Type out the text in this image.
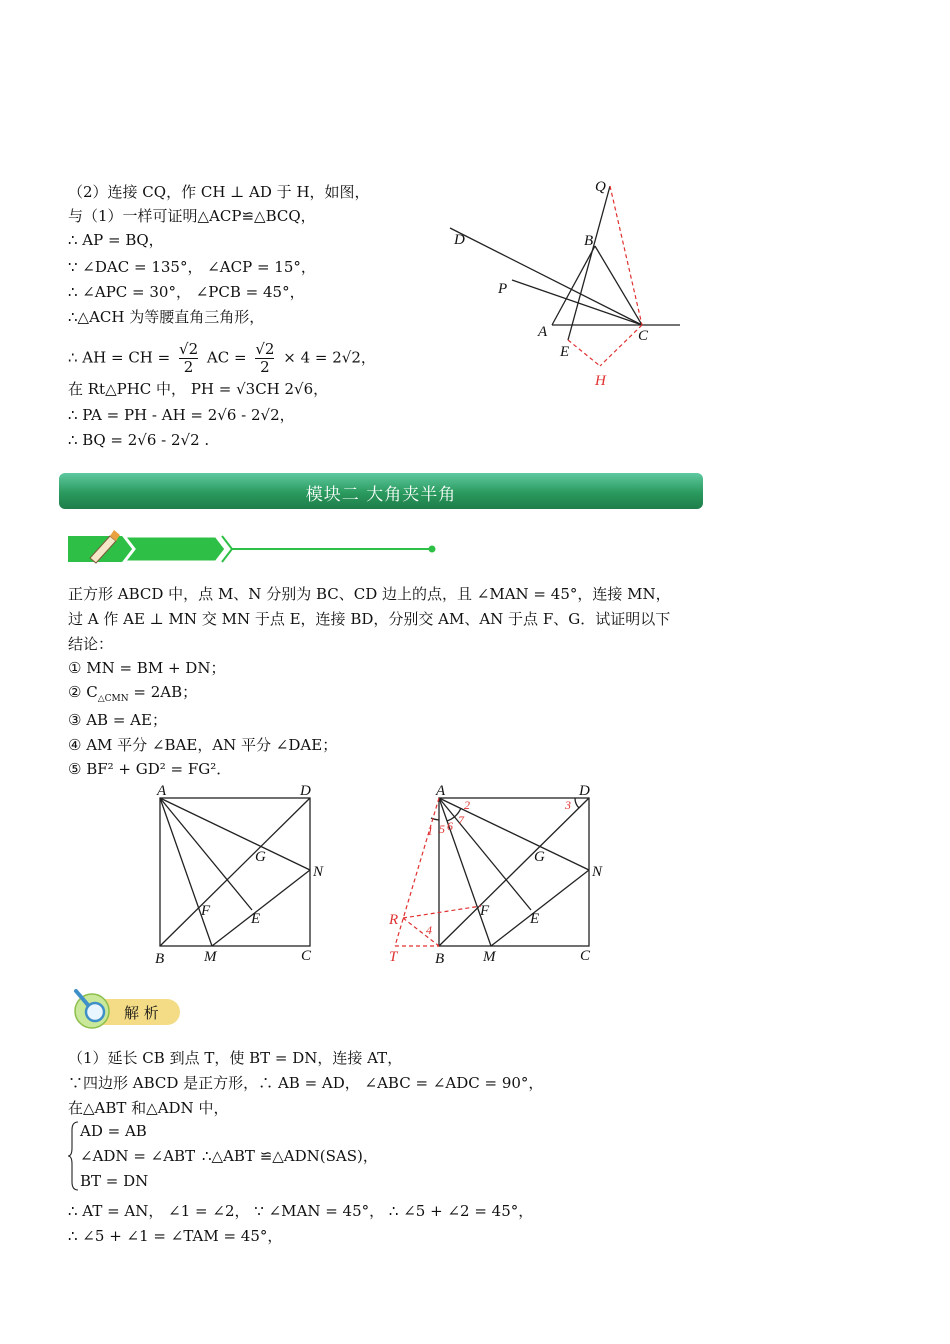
（2）连接 CQ，作 CH ⊥ AD 于 H，如图，
与（1）一样可证明△ACP≌△BCQ，
∴ AP = BQ，
∵ ∠DAC = 135°， ∠ACP = 15°，
∴ ∠APC = 30°， ∠PCB = 45°，
∴△ACH 为等腰直角三角形，
∴ AH = CH = $\frac{√2}{2}$ AC = $\frac{√2}{2} \times 4 = 2√2$，
在 Rt△PHC 中， PH = √3CH 2√6，
∴ PA = PH - AH = 2√6 - 2√2，
∴ BQ = 2√6 - 2√2 .
Q
D	B
P
A	C
E
H
模块二 大角夹半角
正方形 ABCD 中，点 M、N 分别为 BC、CD 边上的点，且 ∠MAN = 45°，连接 MN，
过 A 作 AE ⊥ MN 交 MN 于点 E，连接 BD，分别交 AM、AN 于点 F、G．试证明以下
结论：
① MN = BM + DN；
② $C_{\triangle CMN} = 2AB$；
③ AB = AE；
④ AM 平分 ∠BAE，AN 平分 ∠DAE；
⑤ BF² + GD² = FG²．
A	D
B	C
M
N
F
G
E
A	D
B	C
M
N
F
G
E
R
T
1
2	3
4
5 6 7
解 析
（1）延长 CB 到点 T，使 BT = DN，连接 AT，
∵四边形 ABCD 是正方形，∴ AB = AD， ∠ABC = ∠ADC = 90°，
在△ABT 和△ADN 中，
AD = AB
∠ADN = ∠ABT ∴△ABT ≌△ADN(SAS)，
BT = DN
∴ AT = AN， ∠1 = ∠2， ∵ ∠MAN = 45°， ∴ ∠5 + ∠2 = 45°，
∴ ∠5 + ∠1 = ∠TAM = 45°，
